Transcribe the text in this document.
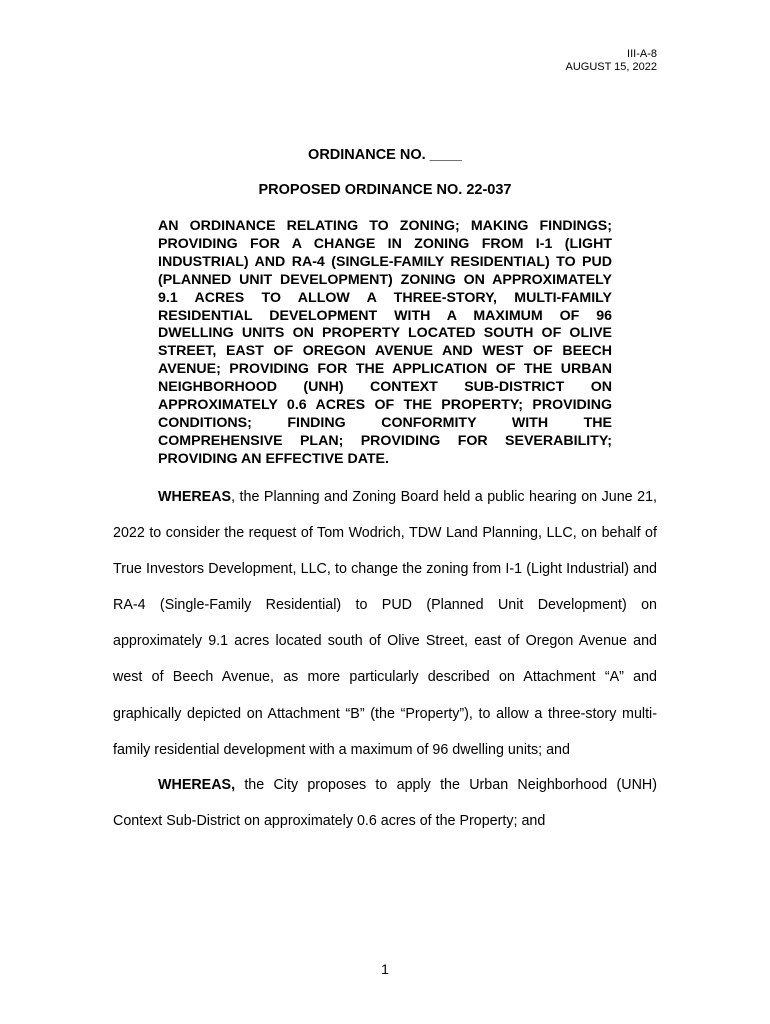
III-A-8
AUGUST 15, 2022
ORDINANCE NO. ____
PROPOSED ORDINANCE NO. 22-037
AN ORDINANCE RELATING TO ZONING; MAKING FINDINGS; PROVIDING FOR A CHANGE IN ZONING FROM I-1 (LIGHT INDUSTRIAL) AND RA-4 (SINGLE-FAMILY RESIDENTIAL) TO PUD (PLANNED UNIT DEVELOPMENT) ZONING ON APPROXIMATELY 9.1 ACRES TO ALLOW A THREE-STORY, MULTI-FAMILY RESIDENTIAL DEVELOPMENT WITH A MAXIMUM OF 96 DWELLING UNITS ON PROPERTY LOCATED SOUTH OF OLIVE STREET, EAST OF OREGON AVENUE AND WEST OF BEECH AVENUE; PROVIDING FOR THE APPLICATION OF THE URBAN NEIGHBORHOOD (UNH) CONTEXT SUB-DISTRICT ON APPROXIMATELY 0.6 ACRES OF THE PROPERTY; PROVIDING CONDITIONS; FINDING CONFORMITY WITH THE COMPREHENSIVE PLAN; PROVIDING FOR SEVERABILITY; PROVIDING AN EFFECTIVE DATE.
WHEREAS, the Planning and Zoning Board held a public hearing on June 21, 2022 to consider the request of Tom Wodrich, TDW Land Planning, LLC, on behalf of True Investors Development, LLC, to change the zoning from I-1 (Light Industrial) and RA-4 (Single-Family Residential) to PUD (Planned Unit Development) on approximately 9.1 acres located south of Olive Street, east of Oregon Avenue and west of Beech Avenue, as more particularly described on Attachment “A” and graphically depicted on Attachment “B” (the “Property”), to allow a three-story multi-family residential development with a maximum of 96 dwelling units; and
WHEREAS, the City proposes to apply the Urban Neighborhood (UNH) Context Sub-District on approximately 0.6 acres of the Property; and
1
